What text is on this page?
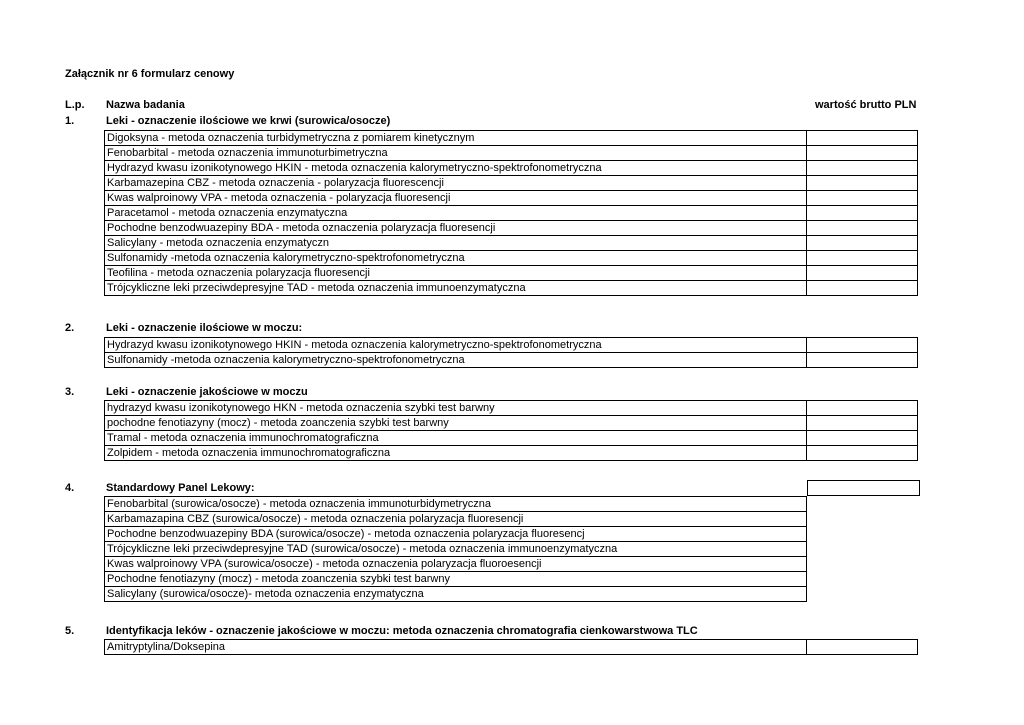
Załącznik nr 6 formularz cenowy
L.p. Nazwa badania	wartość brutto PLN
1.	Leki - oznaczenie ilościowe we krwi (surowica/osocze)
Digoksyna - metoda oznaczenia turbidymetryczna z pomiarem kinetycznym	
Fenobarbital - metoda oznaczenia immunoturbimetryczna	
Hydrazyd kwasu izonikotynowego HKIN - metoda oznaczenia kalorymetryczno-spektrofonometryczna	
Karbamazepina CBZ - metoda oznaczenia - polaryzacja fluorescencji	
Kwas walproinowy VPA - metoda oznaczenia - polaryzacja fluoresencji	
Paracetamol - metoda oznaczenia enzymatyczna	
Pochodne benzodwuazepiny BDA - metoda oznaczenia polaryzacja fluoresencji	
Salicylany - metoda oznaczenia enzymatyczn	
Sulfonamidy -metoda oznaczenia kalorymetryczno-spektrofonometryczna	
Teofilina - metoda oznaczenia polaryzacja fluoresencji	
Trójcykliczne leki przeciwdepresyjne TAD - metoda oznaczenia immunoenzymatyczna	
2.	Leki - oznaczenie ilościowe w moczu:
Hydrazyd kwasu izonikotynowego HKIN - metoda oznaczenia kalorymetryczno-spektrofonometryczna	
Sulfonamidy -metoda oznaczenia kalorymetryczno-spektrofonometryczna	
3.	Leki - oznaczenie jakościowe w moczu
hydrazyd kwasu izonikotynowego HKN - metoda oznaczenia szybki test barwny	
pochodne fenotiazyny (mocz) - metoda zoanczenia szybki test barwny	
Tramal - metoda oznaczenia immunochromatograficzna	
Zolpidem - metoda oznaczenia immunochromatograficzna	
4.	Standardowy Panel Lekowy:
Fenobarbital (surowica/osocze) - metoda oznaczenia immunoturbidymetryczna
Karbamazapina CBZ (surowica/osocze) - metoda oznaczenia polaryzacja fluoresencji
Pochodne benzodwuazepiny BDA (surowica/osocze) - metoda oznaczenia polaryzacja fluoresencj
Trójcykliczne leki przeciwdepresyjne TAD (surowica/osocze) - metoda oznaczenia immunoenzymatyczna
Kwas walproinowy VPA (surowica/osocze) - metoda oznaczenia polaryzacja fluoroesencji
Pochodne fenotiazyny (mocz) - metoda zoanczenia szybki test barwny
Salicylany (surowica/osocze)- metoda oznaczenia enzymatyczna
5.	Identyfikacja leków - oznaczenie jakościowe w moczu: metoda oznaczenia chromatografia cienkowarstwowa TLC
Amitryptylina/Doksepina	
